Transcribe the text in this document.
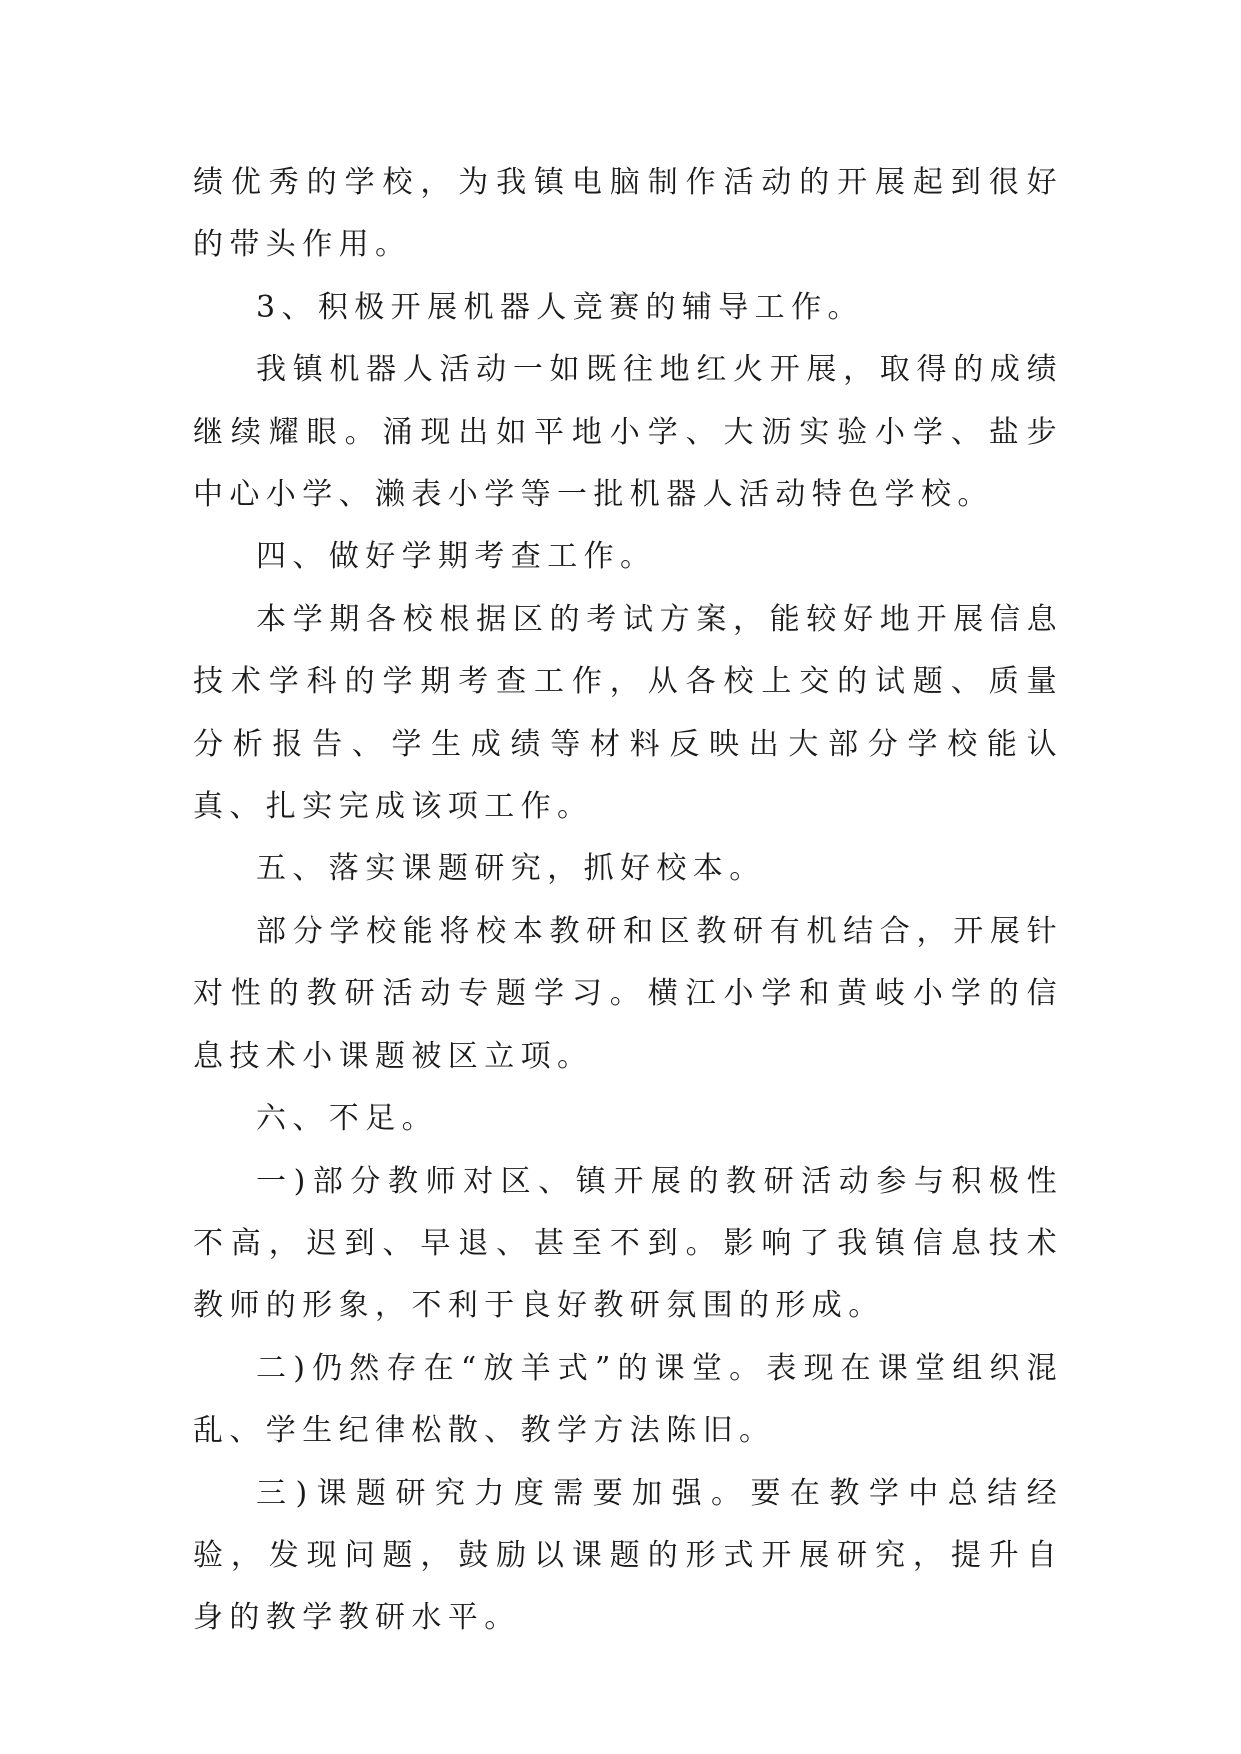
绩优秀的学校，为我镇电脑制作活动的开展起到很好的带头作用。

3、积极开展机器人竞赛的辅导工作。

我镇机器人活动一如既往地红火开展，取得的成绩继续耀眼。涌现出如平地小学、大沥实验小学、盐步中心小学、濑表小学等一批机器人活动特色学校。

四、做好学期考查工作。

本学期各校根据区的考试方案，能较好地开展信息技术学科的学期考查工作，从各校上交的试题、质量分析报告、学生成绩等材料反映出大部分学校能认真、扎实完成该项工作。

五、落实课题研究，抓好校本。

部分学校能将校本教研和区教研有机结合，开展针对性的教研活动专题学习。横江小学和黄岐小学的信息技术小课题被区立项。

六、不足。

一)部分教师对区、镇开展的教研活动参与积极性不高，迟到、早退、甚至不到。影响了我镇信息技术教师的形象，不利于良好教研氛围的形成。

二)仍然存在“放羊式”的课堂。表现在课堂组织混乱、学生纪律松散、教学方法陈旧。

三)课题研究力度需要加强。要在教学中总结经验，发现问题，鼓励以课题的形式开展研究，提升自身的教学教研水平。
